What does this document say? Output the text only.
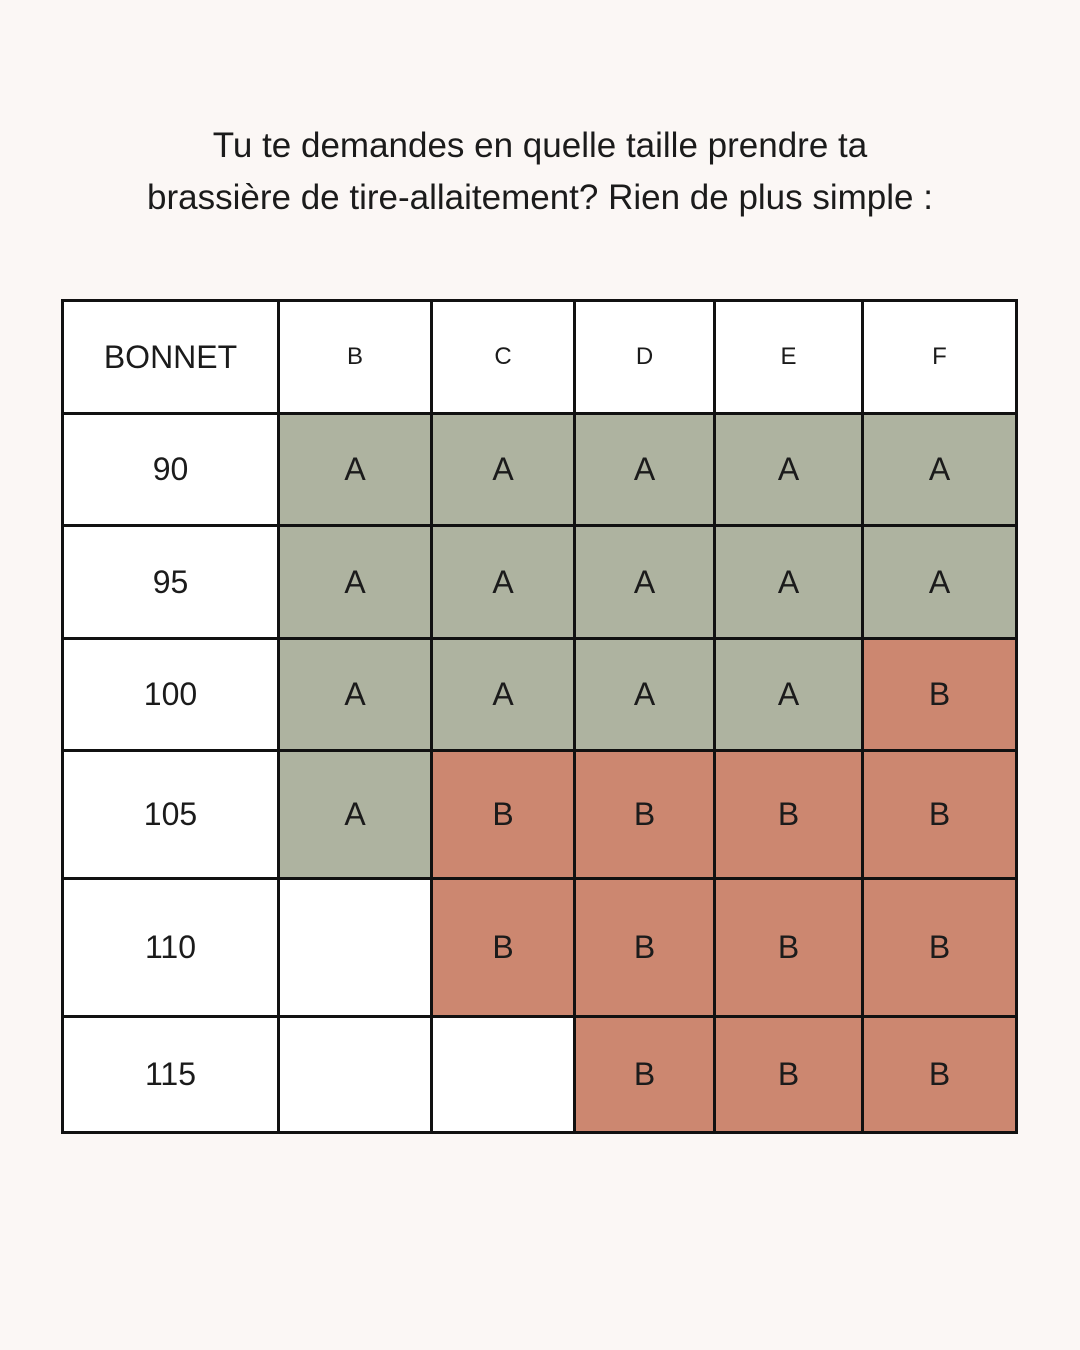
Tu te demandes en quelle taille prendre ta
brassière de tire-allaitement? Rien de plus simple :
BONNET	B	C	D	E	F
90	A	A	A	A	A
95	A	A	A	A	A
100	A	A	A	A	B
105	A	B	B	B	B
110		B	B	B	B
115			B	B	B
